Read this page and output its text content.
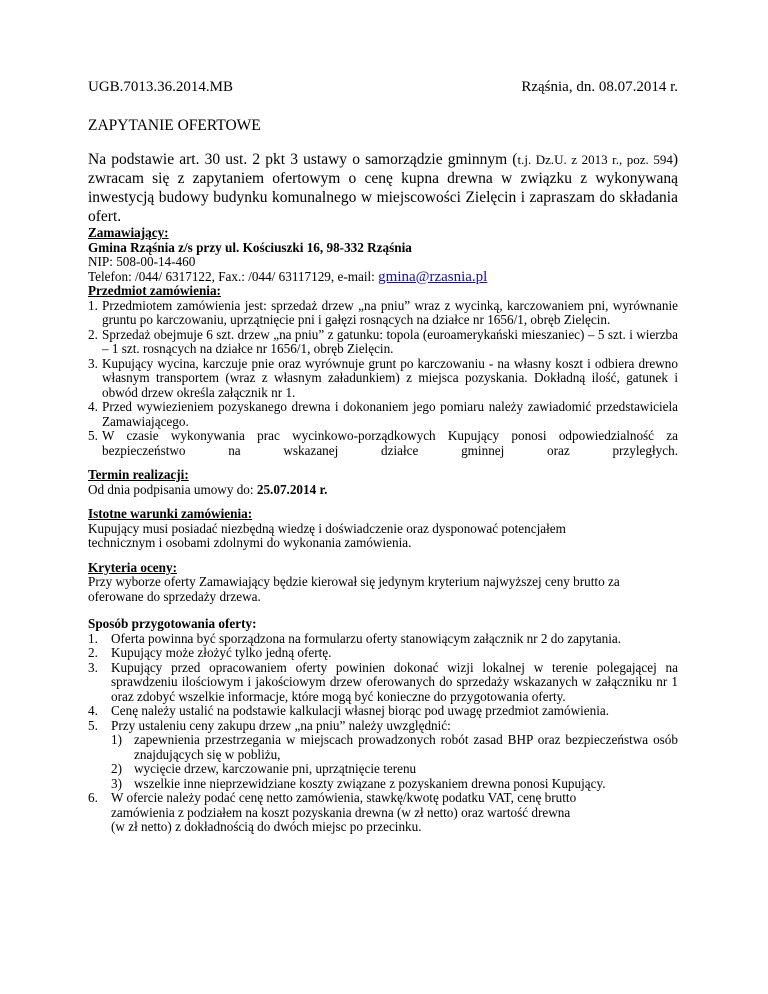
UGB.7013.36.2014.MB	Rząśnia, dn. 08.07.2014 r.
ZAPYTANIE OFERTOWE
Na podstawie art. 30 ust. 2 pkt 3 ustawy o samorządzie gminnym (t.j. Dz.U. z 2013 r., poz. 594) zwracam się z zapytaniem ofertowym o cenę kupna drewna w związku z wykonywaną inwestycją budowy budynku komunalnego w miejscowości Zielęcin i zapraszam do składania ofert.
Zamawiający:
Gmina Rząśnia z/s przy ul. Kościuszki 16, 98-332 Rząśnia
NIP: 508-00-14-460
Telefon: /044/ 6317122, Fax.: /044/ 63117129, e-mail: gmina@rzasnia.pl
Przedmiot zamówienia:
1. Przedmiotem zamówienia jest: sprzedaż drzew „na pniu” wraz z wycinką, karczowaniem pni, wyrównanie gruntu po karczowaniu, uprzątnięcie pni i gałęzi rosnących na działce nr 1656/1, obręb Zielęcin.
2. Sprzedaż obejmuje 6 szt. drzew „na pniu” z gatunku: topola (euroamerykański mieszaniec) – 5 szt. i wierzba – 1 szt. rosnących na działce nr 1656/1, obręb Zielęcin.
3. Kupujący wycina, karczuje pnie oraz wyrównuje grunt po karczowaniu - na własny koszt i odbiera drewno własnym transportem (wraz z własnym załadunkiem) z miejsca pozyskania. Dokładną ilość, gatunek i obwód drzew określa załącznik nr 1.
4. Przed wywiezieniem pozyskanego drewna i dokonaniem jego pomiaru należy zawiadomić przedstawiciela Zamawiającego.
5. W czasie wykonywania prac wycinkowo-porządkowych Kupujący ponosi odpowiedzialność za bezpieczeństwo na wskazanej działce gminnej oraz przyległych.
Termin realizacji:
Od dnia podpisania umowy do: 25.07.2014 r.
Istotne warunki zamówienia:
Kupujący musi posiadać niezbędną wiedzę i doświadczenie oraz dysponować potencjałem
technicznym i osobami zdolnymi do wykonania zamówienia.
Kryteria oceny:
Przy wyborze oferty Zamawiający będzie kierował się jedynym kryterium najwyższej ceny brutto za
oferowane do sprzedaży drzewa.
Sposób przygotowania oferty:
1. Oferta powinna być sporządzona na formularzu oferty stanowiącym załącznik nr 2 do zapytania.
2. Kupujący może złożyć tylko jedną ofertę.
3. Kupujący przed opracowaniem oferty powinien dokonać wizji lokalnej w terenie polegającej na sprawdzeniu ilościowym i jakościowym drzew oferowanych do sprzedaży wskazanych w załączniku nr 1 oraz zdobyć wszelkie informacje, które mogą być konieczne do przygotowania oferty.
4. Cenę należy ustalić na podstawie kalkulacji własnej biorąc pod uwagę przedmiot zamówienia.
5. Przy ustaleniu ceny zakupu drzew „na pniu” należy uwzględnić:
1) zapewnienia przestrzegania w miejscach prowadzonych robót zasad BHP oraz bezpieczeństwa osób znajdujących się w pobliżu,
2) wycięcie drzew, karczowanie pni, uprzątnięcie terenu
3) wszelkie inne nieprzewidziane koszty związane z pozyskaniem drewna ponosi Kupujący.
6. W ofercie należy podać cenę netto zamówienia, stawkę/kwotę podatku VAT, cenę brutto
zamówienia z podziałem na koszt pozyskania drewna (w zł netto) oraz wartość drewna
(w zł netto) z dokładnością do dwóch miejsc po przecinku.
